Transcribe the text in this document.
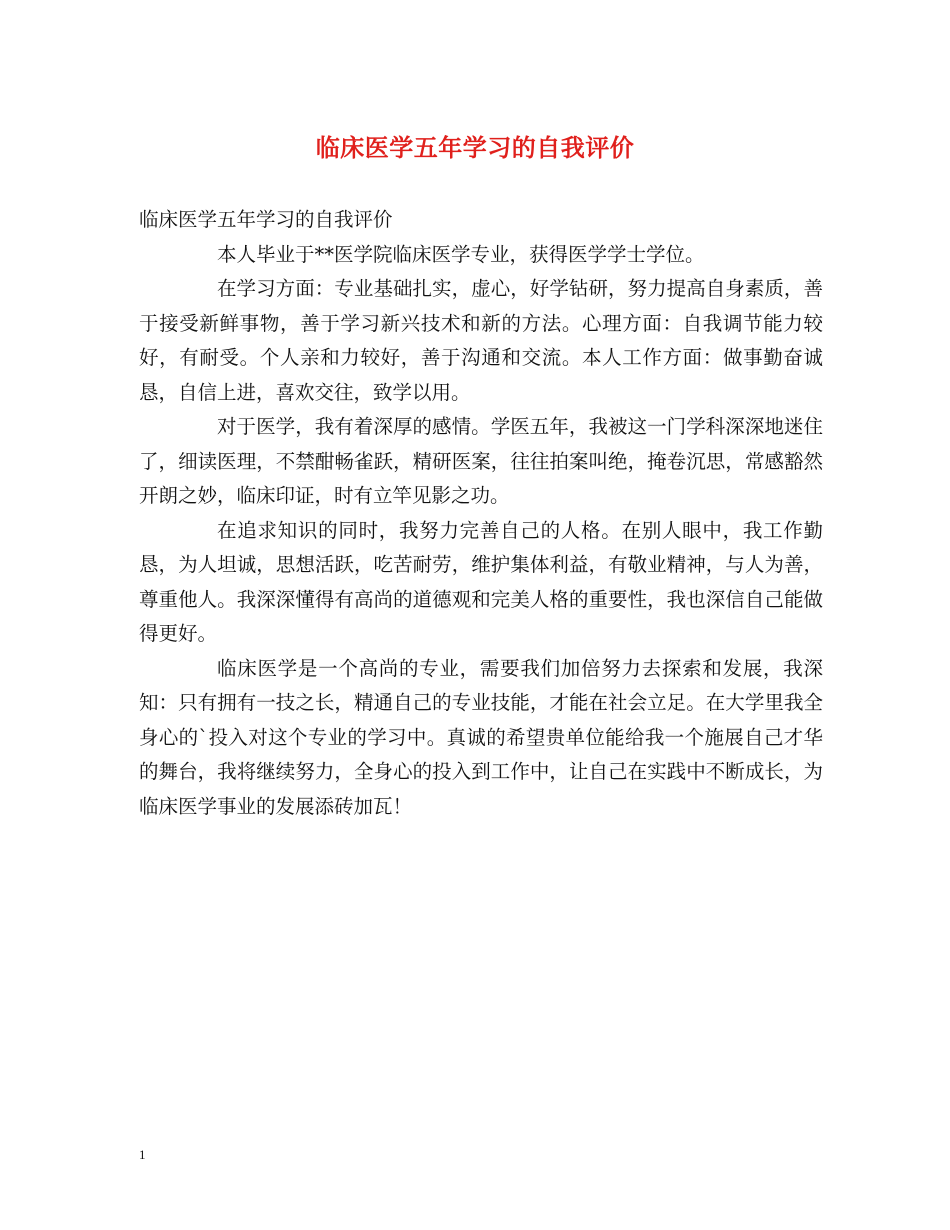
临床医学五年学习的自我评价

临床医学五年学习的自我评价

本人毕业于**医学院临床医学专业，获得医学学士学位。

在学习方面：专业基础扎实，虚心，好学钻研，努力提高自身素质，善于接受新鲜事物，善于学习新兴技术和新的方法。心理方面：自我调节能力较好，有耐受。个人亲和力较好，善于沟通和交流。本人工作方面：做事勤奋诚恳，自信上进，喜欢交往，致学以用。

对于医学，我有着深厚的感情。学医五年，我被这一门学科深深地迷住了，细读医理，不禁酣畅雀跃，精研医案，往往拍案叫绝，掩卷沉思，常感豁然开朗之妙，临床印证，时有立竿见影之功。

在追求知识的同时，我努力完善自己的人格。在别人眼中，我工作勤恳，为人坦诚，思想活跃，吃苦耐劳，维护集体利益，有敬业精神，与人为善，尊重他人。我深深懂得有高尚的道德观和完美人格的重要性，我也深信自己能做得更好。

临床医学是一个高尚的专业，需要我们加倍努力去探索和发展，我深知：只有拥有一技之长，精通自己的专业技能，才能在社会立足。在大学里我全身心的`投入对这个专业的学习中。真诚的希望贵单位能给我一个施展自己才华的舞台，我将继续努力，全身心的投入到工作中，让自己在实践中不断成长，为临床医学事业的发展添砖加瓦！

1
